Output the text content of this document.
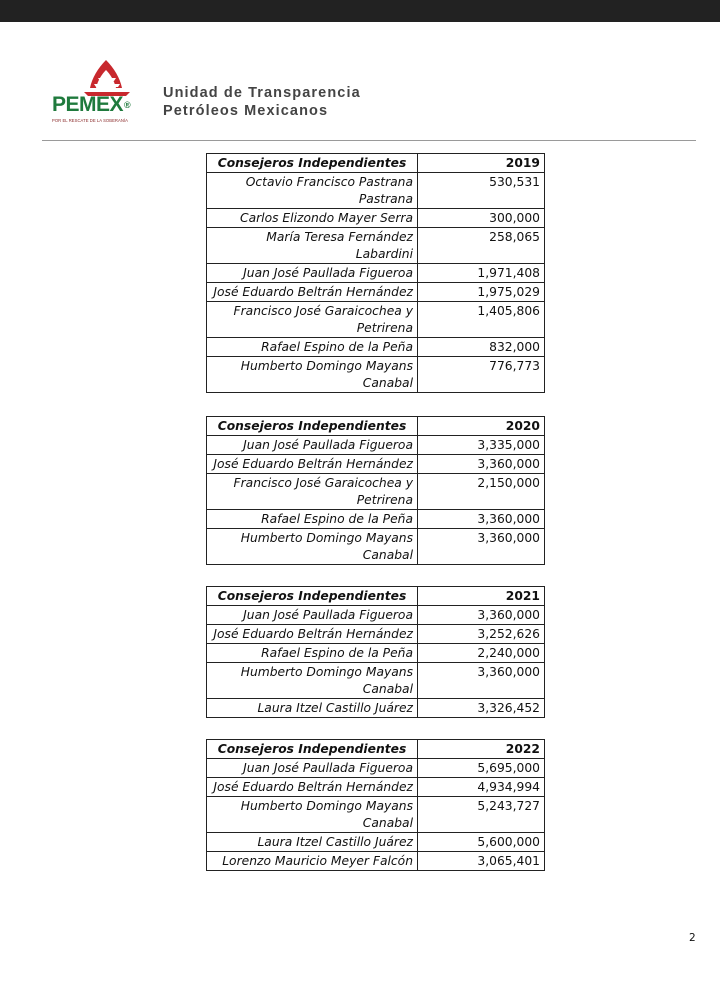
PEMEX®
POR EL RESCATE DE LA SOBERANÍA
Unidad de Transparencia
Petróleos Mexicanos
Consejeros Independientes	2019
Octavio Francisco Pastrana Pastrana	530,531
Carlos Elizondo Mayer Serra	300,000
María Teresa Fernández Labardini	258,065
Juan José Paullada Figueroa	1,971,408
José Eduardo Beltrán Hernández	1,975,029
Francisco José Garaicochea y Petrirena	1,405,806
Rafael Espino de la Peña	832,000
Humberto Domingo Mayans Canabal	776,773
Consejeros Independientes	2020
Juan José Paullada Figueroa	3,335,000
José Eduardo Beltrán Hernández	3,360,000
Francisco José Garaicochea y Petrirena	2,150,000
Rafael Espino de la Peña	3,360,000
Humberto Domingo Mayans Canabal	3,360,000
Consejeros Independientes	2021
Juan José Paullada Figueroa	3,360,000
José Eduardo Beltrán Hernández	3,252,626
Rafael Espino de la Peña	2,240,000
Humberto Domingo Mayans Canabal	3,360,000
Laura Itzel Castillo Juárez	3,326,452
Consejeros Independientes	2022
Juan José Paullada Figueroa	5,695,000
José Eduardo Beltrán Hernández	4,934,994
Humberto Domingo Mayans Canabal	5,243,727
Laura Itzel Castillo Juárez	5,600,000
Lorenzo Mauricio Meyer Falcón	3,065,401
2
